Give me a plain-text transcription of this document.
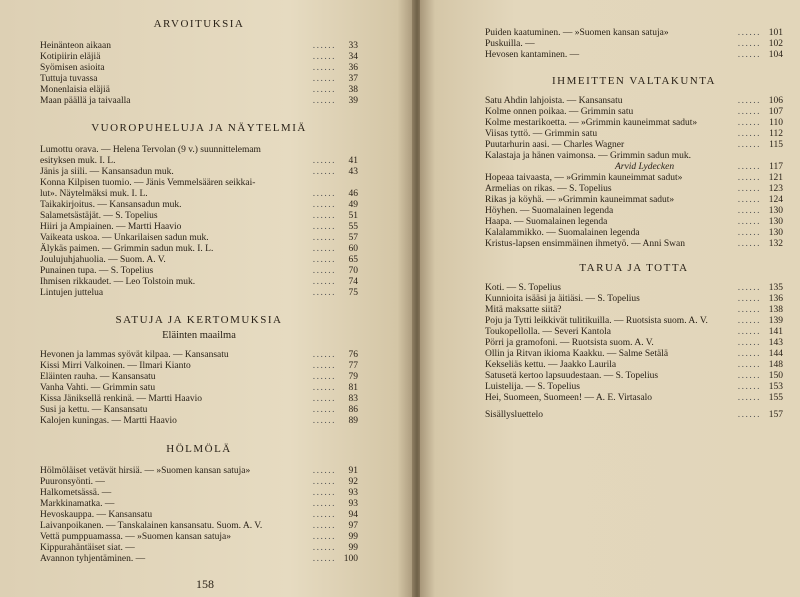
ARVOITUKSIA
Heinänteon aikaan	...... 33
Kotipiirin eläjiä	...... 34
Syömisen asioita	...... 36
Tuttuja tuvassa	...... 37
Monenlaisia eläjiä	...... 38
Maan päällä ja taivaalla	...... 39
VUOROPUHELUJA JA NÄYTELMIÄ
Lumottu orava. — Helena Tervolan (9 v.) suunnittelemam
esityksen muk. I. L.	...... 41
Jänis ja siili. — Kansansadun muk.	...... 43
Konna Kilpisen tuomio. — Jänis Vemmelsäären seikkai-
lut». Näytelmäksi muk. I. L.	...... 46
Taikakirjoitus. — Kansansadun muk.	...... 49
Salametsästäjät. — S. Topelius	...... 51
Hiiri ja Ampiainen. — Martti Haavio	...... 55
Vaikeata uskoa. — Unkarilaisen sadun muk.	...... 57
Älykäs paimen. — Grimmin sadun muk. I. L.	...... 60
Joulujuhjahuolia. — Suom. A. V.	...... 65
Punainen tupa. — S. Topelius	...... 70
Ihmisen rikkaudet. — Leo Tolstoin muk.	...... 74
Lintujen juttelua	...... 75
SATUJA JA KERTOMUKSIA
Eläinten maailma
Hevonen ja lammas syövät kilpaa. — Kansansatu	...... 76
Kissi Mirri Valkoinen. — Ilmari Kianto	...... 77
Eläinten rauha. — Kansansatu	...... 79
Vanha Vahti. — Grimmin satu	...... 81
Kissa Jäniksellä renkinä. — Martti Haavio	...... 83
Susi ja kettu. — Kansansatu	...... 86
Kalojen kuningas. — Martti Haavio	...... 89
HÖLMÖLÄ
Hölmöläiset vetävät hirsiä. — »Suomen kansan satuja»	...... 91
Puuronsyönti. —	...... 92
Halkometsässä. —	...... 93
Markkinamatka. —	...... 93
Hevoskauppa. — Kansansatu	...... 94
Laivanpoikanen. — Tanskalainen kansansatu. Suom. A. V.	...... 97
Vettä pumppuamassa. — »Suomen kansan satuja»	...... 99
Kippurahäntäiset siat. —	...... 99
Avannon tyhjentäminen. —	...... 100
158
Puiden kaatuminen. — »Suomen kansan satuja»	...... 101
Puskuilla. —	...... 102
Hevosen kantaminen. —	...... 104
IHMEITTEN VALTAKUNTA
Satu Ahdin lahjoista. — Kansansatu	...... 106
Kolme onnen poikaa. — Grimmin satu	...... 107
Kolme mestarikoetta. — »Grimmin kauneimmat sadut»	...... 110
Viisas tyttö. — Grimmin satu	...... 112
Puutarhurin aasi. — Charles Wagner	...... 115
Kalastaja ja hänen vaimonsa. — Grimmin sadun muk.
Arvid Lydecken	...... 117
Hopeaa taivaasta, — »Grimmin kauneimmat sadut»	...... 121
Armelias on rikas. — S. Topelius	...... 123
Rikas ja köyhä. — »Grimmin kauneimmat sadut»	...... 124
Höyhen. — Suomalainen legenda	...... 130
Haapa. — Suomalainen legenda	...... 130
Kalalammikko. — Suomalainen legenda	...... 130
Kristus-lapsen ensimmäinen ihmetyö. — Anni Swan	...... 132
TARUA JA TOTTA
Koti. — S. Topelius	...... 135
Kunnioita isääsi ja äitiäsi. — S. Topelius	...... 136
Mitä maksatte siitä?	...... 138
Poju ja Tytti leikkivät tulitikuilla. — Ruotsista suom. A. V.	...... 139
Toukopellolla. — Severi Kantola	...... 141
Pörri ja gramofoni. — Ruotsista suom. A. V.	...... 143
Ollin ja Ritvan ikioma Kaakku. — Salme Setälä	...... 144
Kekseliäs kettu. — Jaakko Laurila	...... 148
Satusetä kertoo lapsuudestaan. — S. Topelius	...... 150
Luistelija. — S. Topelius	...... 153
Hei, Suomeen, Suomeen! — A. E. Virtasalo	...... 155
Sisällysluettelo	...... 157
